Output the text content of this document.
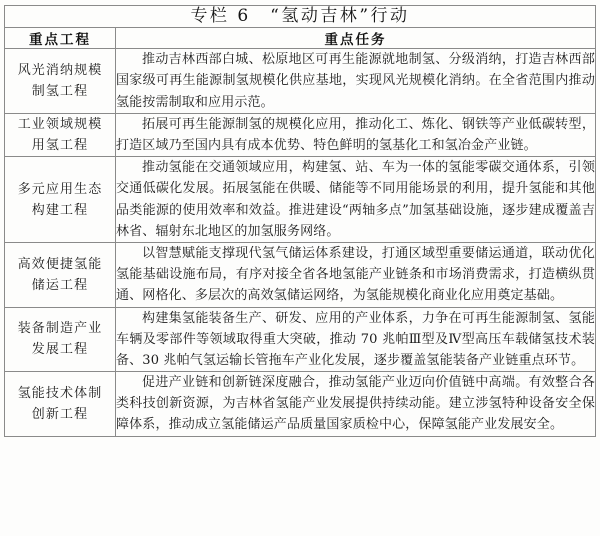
专栏 6　“氢动吉林”行动	
重点工程	重点任务

风光消纳规模
制氢工程	推动吉林西部白城、松原地区可再生能源就地制氢、分级消纳，打造吉林西部国家级可再生能源制氢规模化供应基地，实现风光规模化消纳。在全省范围内推动氢能按需制取和应用示范。

工业领域规模
用氢工程	拓展可再生能源制氢的规模化应用，推动化工、炼化、钢铁等产业低碳转型，打造区域乃至国内具有成本优势、特色鲜明的氢基化工和氢冶金产业链。

多元应用生态
构建工程	推动氢能在交通领域应用，构建氢、站、车为一体的氢能零碳交通体系，引领交通低碳化发展。拓展氢能在供暖、储能等不同用能场景的利用，提升氢能和其他品类能源的使用效率和效益。推进建设“两轴多点”加氢基础设施，逐步建成覆盖吉林省、辐射东北地区的加氢服务网络。

高效便捷氢能
储运工程	以智慧赋能支撑现代氢气储运体系建设，打通区域型重要储运通道，联动优化氢能基础设施布局，有序对接全省各地氢能产业链条和市场消费需求，打造横纵贯通、网格化、多层次的高效氢储运网络，为氢能规模化商业化应用奠定基础。

装备制造产业
发展工程	构建集氢能装备生产、研发、应用的产业体系，力争在可再生能源制氢、氢能车辆及零部件等领域取得重大突破，推动 70 兆帕Ⅲ型及Ⅳ型高压车载储氢技术装备、30 兆帕气氢运输长管拖车产业化发展，逐步覆盖氢能装备产业链重点环节。

氢能技术体制
创新工程	促进产业链和创新链深度融合，推动氢能产业迈向价值链中高端。有效整合各类科技创新资源，为吉林省氢能产业发展提供持续动能。建立涉氢特种设备安全保障体系，推动成立氢能储运产品质量国家质检中心，保障氢能产业发展安全。
